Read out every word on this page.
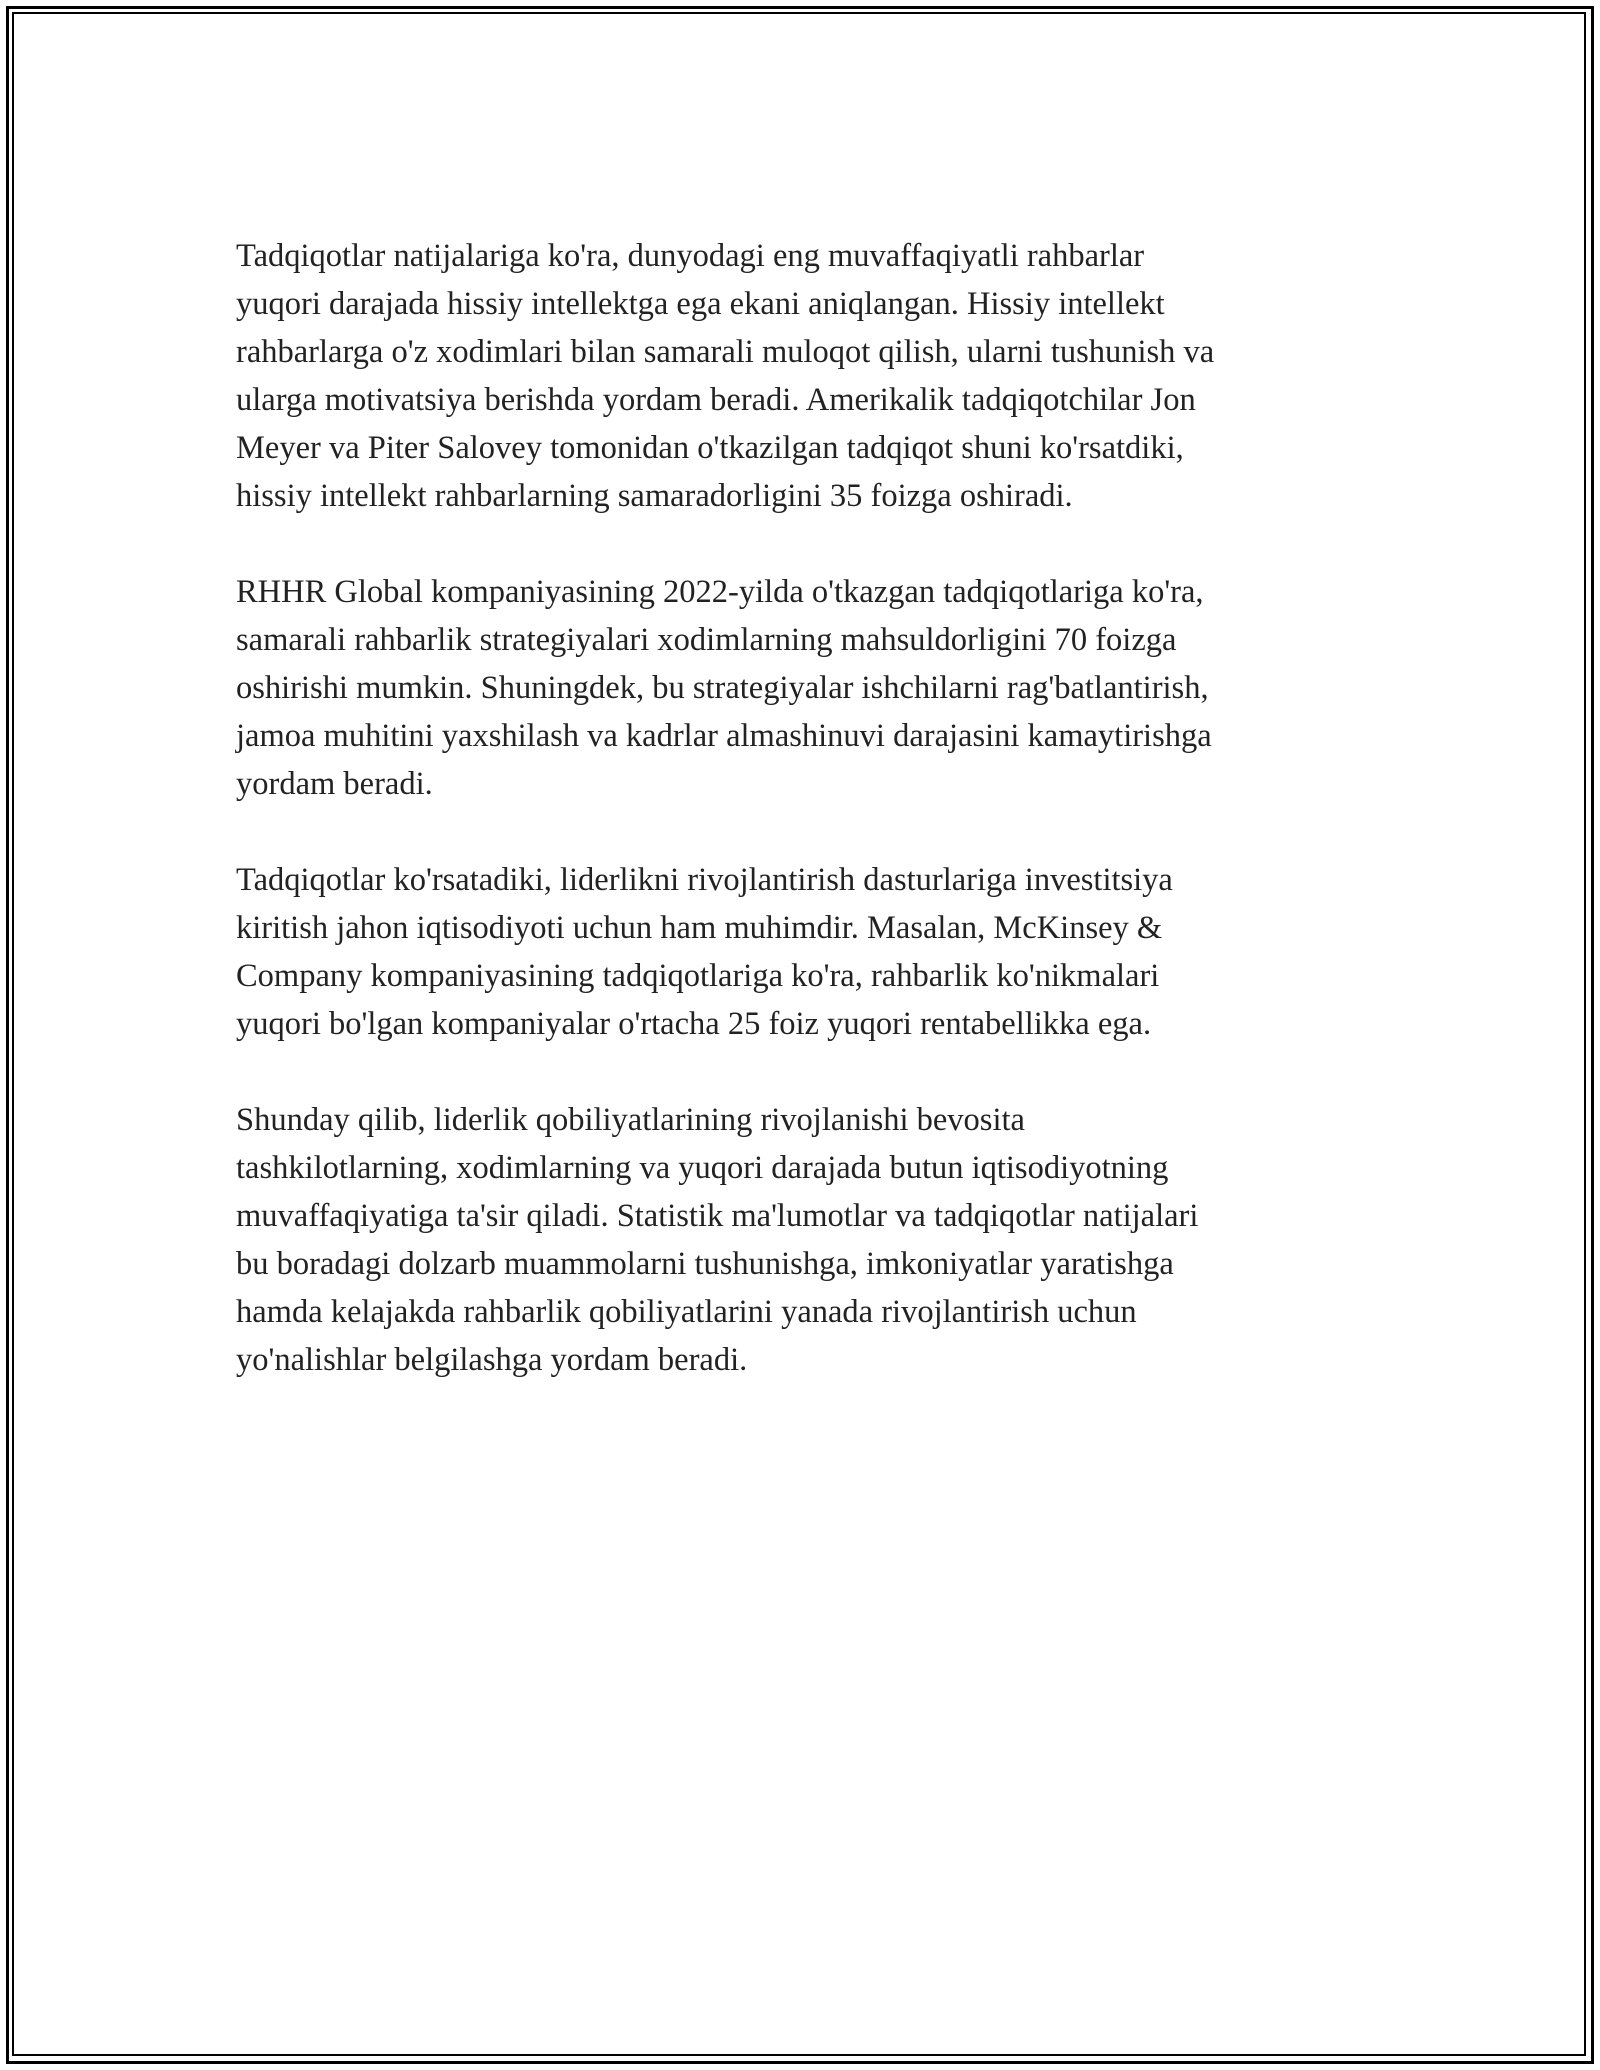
Tadqiqotlar natijalariga ko'ra, dunyodagi eng muvaffaqiyatli rahbarlar
yuqori darajada hissiy intellektga ega ekani aniqlangan. Hissiy intellekt
rahbarlarga o'z xodimlari bilan samarali muloqot qilish, ularni tushunish va
ularga motivatsiya berishda yordam beradi. Amerikalik tadqiqotchilar Jon
Meyer va Piter Salovey tomonidan o'tkazilgan tadqiqot shuni ko'rsatdiki,
hissiy intellekt rahbarlarning samaradorligini 35 foizga oshiradi.

RHHR Global kompaniyasining 2022-yilda o'tkazgan tadqiqotlariga ko'ra,
samarali rahbarlik strategiyalari xodimlarning mahsuldorligini 70 foizga
oshirishi mumkin. Shuningdek, bu strategiyalar ishchilarni rag'batlantirish,
jamoa muhitini yaxshilash va kadrlar almashinuvi darajasini kamaytirishga
yordam beradi.

Tadqiqotlar ko'rsatadiki, liderlikni rivojlantirish dasturlariga investitsiya
kiritish jahon iqtisodiyoti uchun ham muhimdir. Masalan, McKinsey &
Company kompaniyasining tadqiqotlariga ko'ra, rahbarlik ko'nikmalari
yuqori bo'lgan kompaniyalar o'rtacha 25 foiz yuqori rentabellikka ega.

Shunday qilib, liderlik qobiliyatlarining rivojlanishi bevosita
tashkilotlarning, xodimlarning va yuqori darajada butun iqtisodiyotning
muvaffaqiyatiga ta'sir qiladi. Statistik ma'lumotlar va tadqiqotlar natijalari
bu boradagi dolzarb muammolarni tushunishga, imkoniyatlar yaratishga
hamda kelajakda rahbarlik qobiliyatlarini yanada rivojlantirish uchun
yo'nalishlar belgilashga yordam beradi.
